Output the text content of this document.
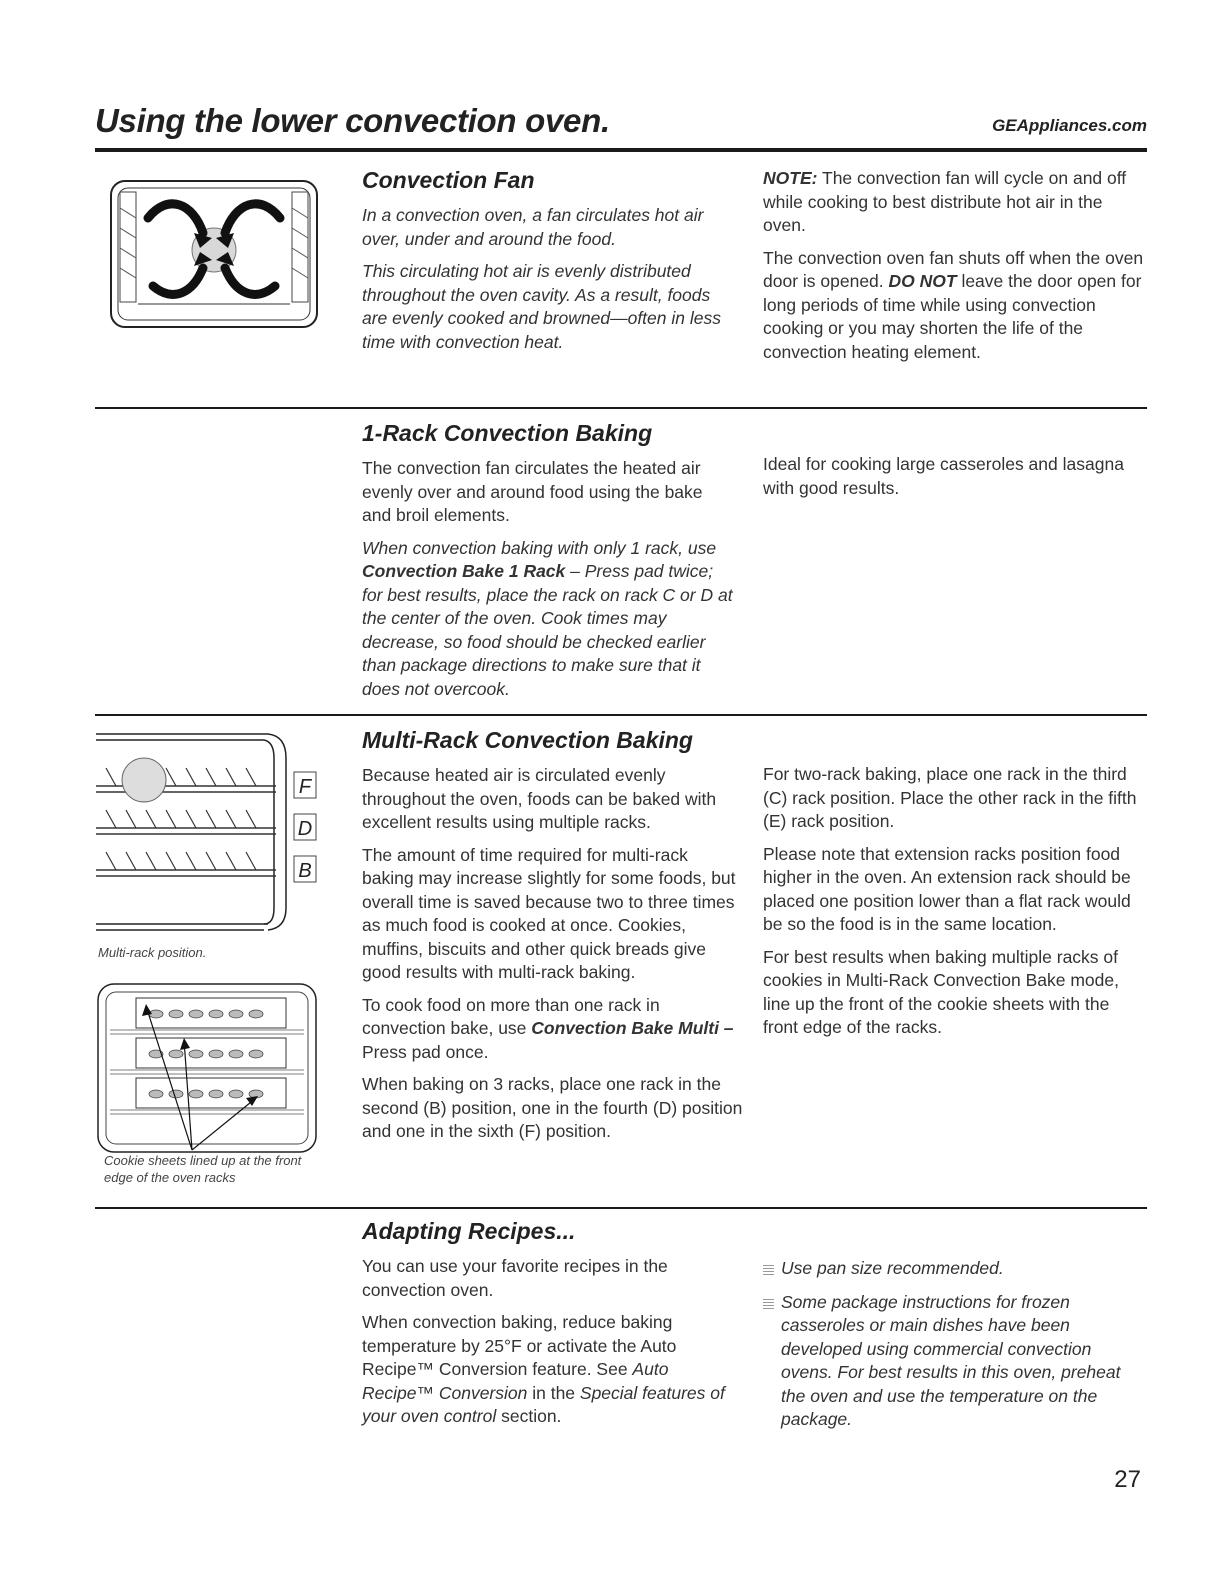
Using the lower convection oven.	GEAppliances.com
Convection Fan

In a convection oven, a fan circulates hot air over, under and around the food.

This circulating hot air is evenly distributed throughout the oven cavity. As a result, foods are evenly cooked and browned—often in less time with convection heat.

NOTE: The convection fan will cycle on and off while cooking to best distribute hot air in the oven.

The convection oven fan shuts off when the oven door is opened. DO NOT leave the door open for long periods of time while using convection cooking or you may shorten the life of the convection heating element.

1-Rack Convection Baking

The convection fan circulates the heated air evenly over and around food using the bake and broil elements.

When convection baking with only 1 rack, use Convection Bake 1 Rack – Press pad twice; for best results, place the rack on rack C or D at the center of the oven. Cook times may decrease, so food should be checked earlier than package directions to make sure that it does not overcook.

Ideal for cooking large casseroles and lasagna with good results.

F
D
B
Multi-rack position.
Cookie sheets lined up at the front edge of the oven racks
Multi-Rack Convection Baking

Because heated air is circulated evenly throughout the oven, foods can be baked with excellent results using multiple racks.

The amount of time required for multi-rack baking may increase slightly for some foods, but overall time is saved because two to three times as much food is cooked at once. Cookies, muffins, biscuits and other quick breads give good results with multi-rack baking.

To cook food on more than one rack in convection bake, use Convection Bake Multi – Press pad once.

When baking on 3 racks, place one rack in the second (B) position, one in the fourth (D) position and one in the sixth (F) position.

For two-rack baking, place one rack in the third (C) rack position. Place the other rack in the fifth (E) rack position.

Please note that extension racks position food higher in the oven. An extension rack should be placed one position lower than a flat rack would be so the food is in the same location.

For best results when baking multiple racks of cookies in Multi-Rack Convection Bake mode, line up the front of the cookie sheets with the front edge of the racks.

Adapting Recipes...

You can use your favorite recipes in the convection oven.

When convection baking, reduce baking temperature by 25°F or activate the Auto Recipe™ Conversion feature. See Auto Recipe™ Conversion in the Special features of your oven control section.

Use pan size recommended.
Some package instructions for frozen casseroles or main dishes have been developed using commercial convection ovens. For best results in this oven, preheat the oven and use the temperature on the package.
27
